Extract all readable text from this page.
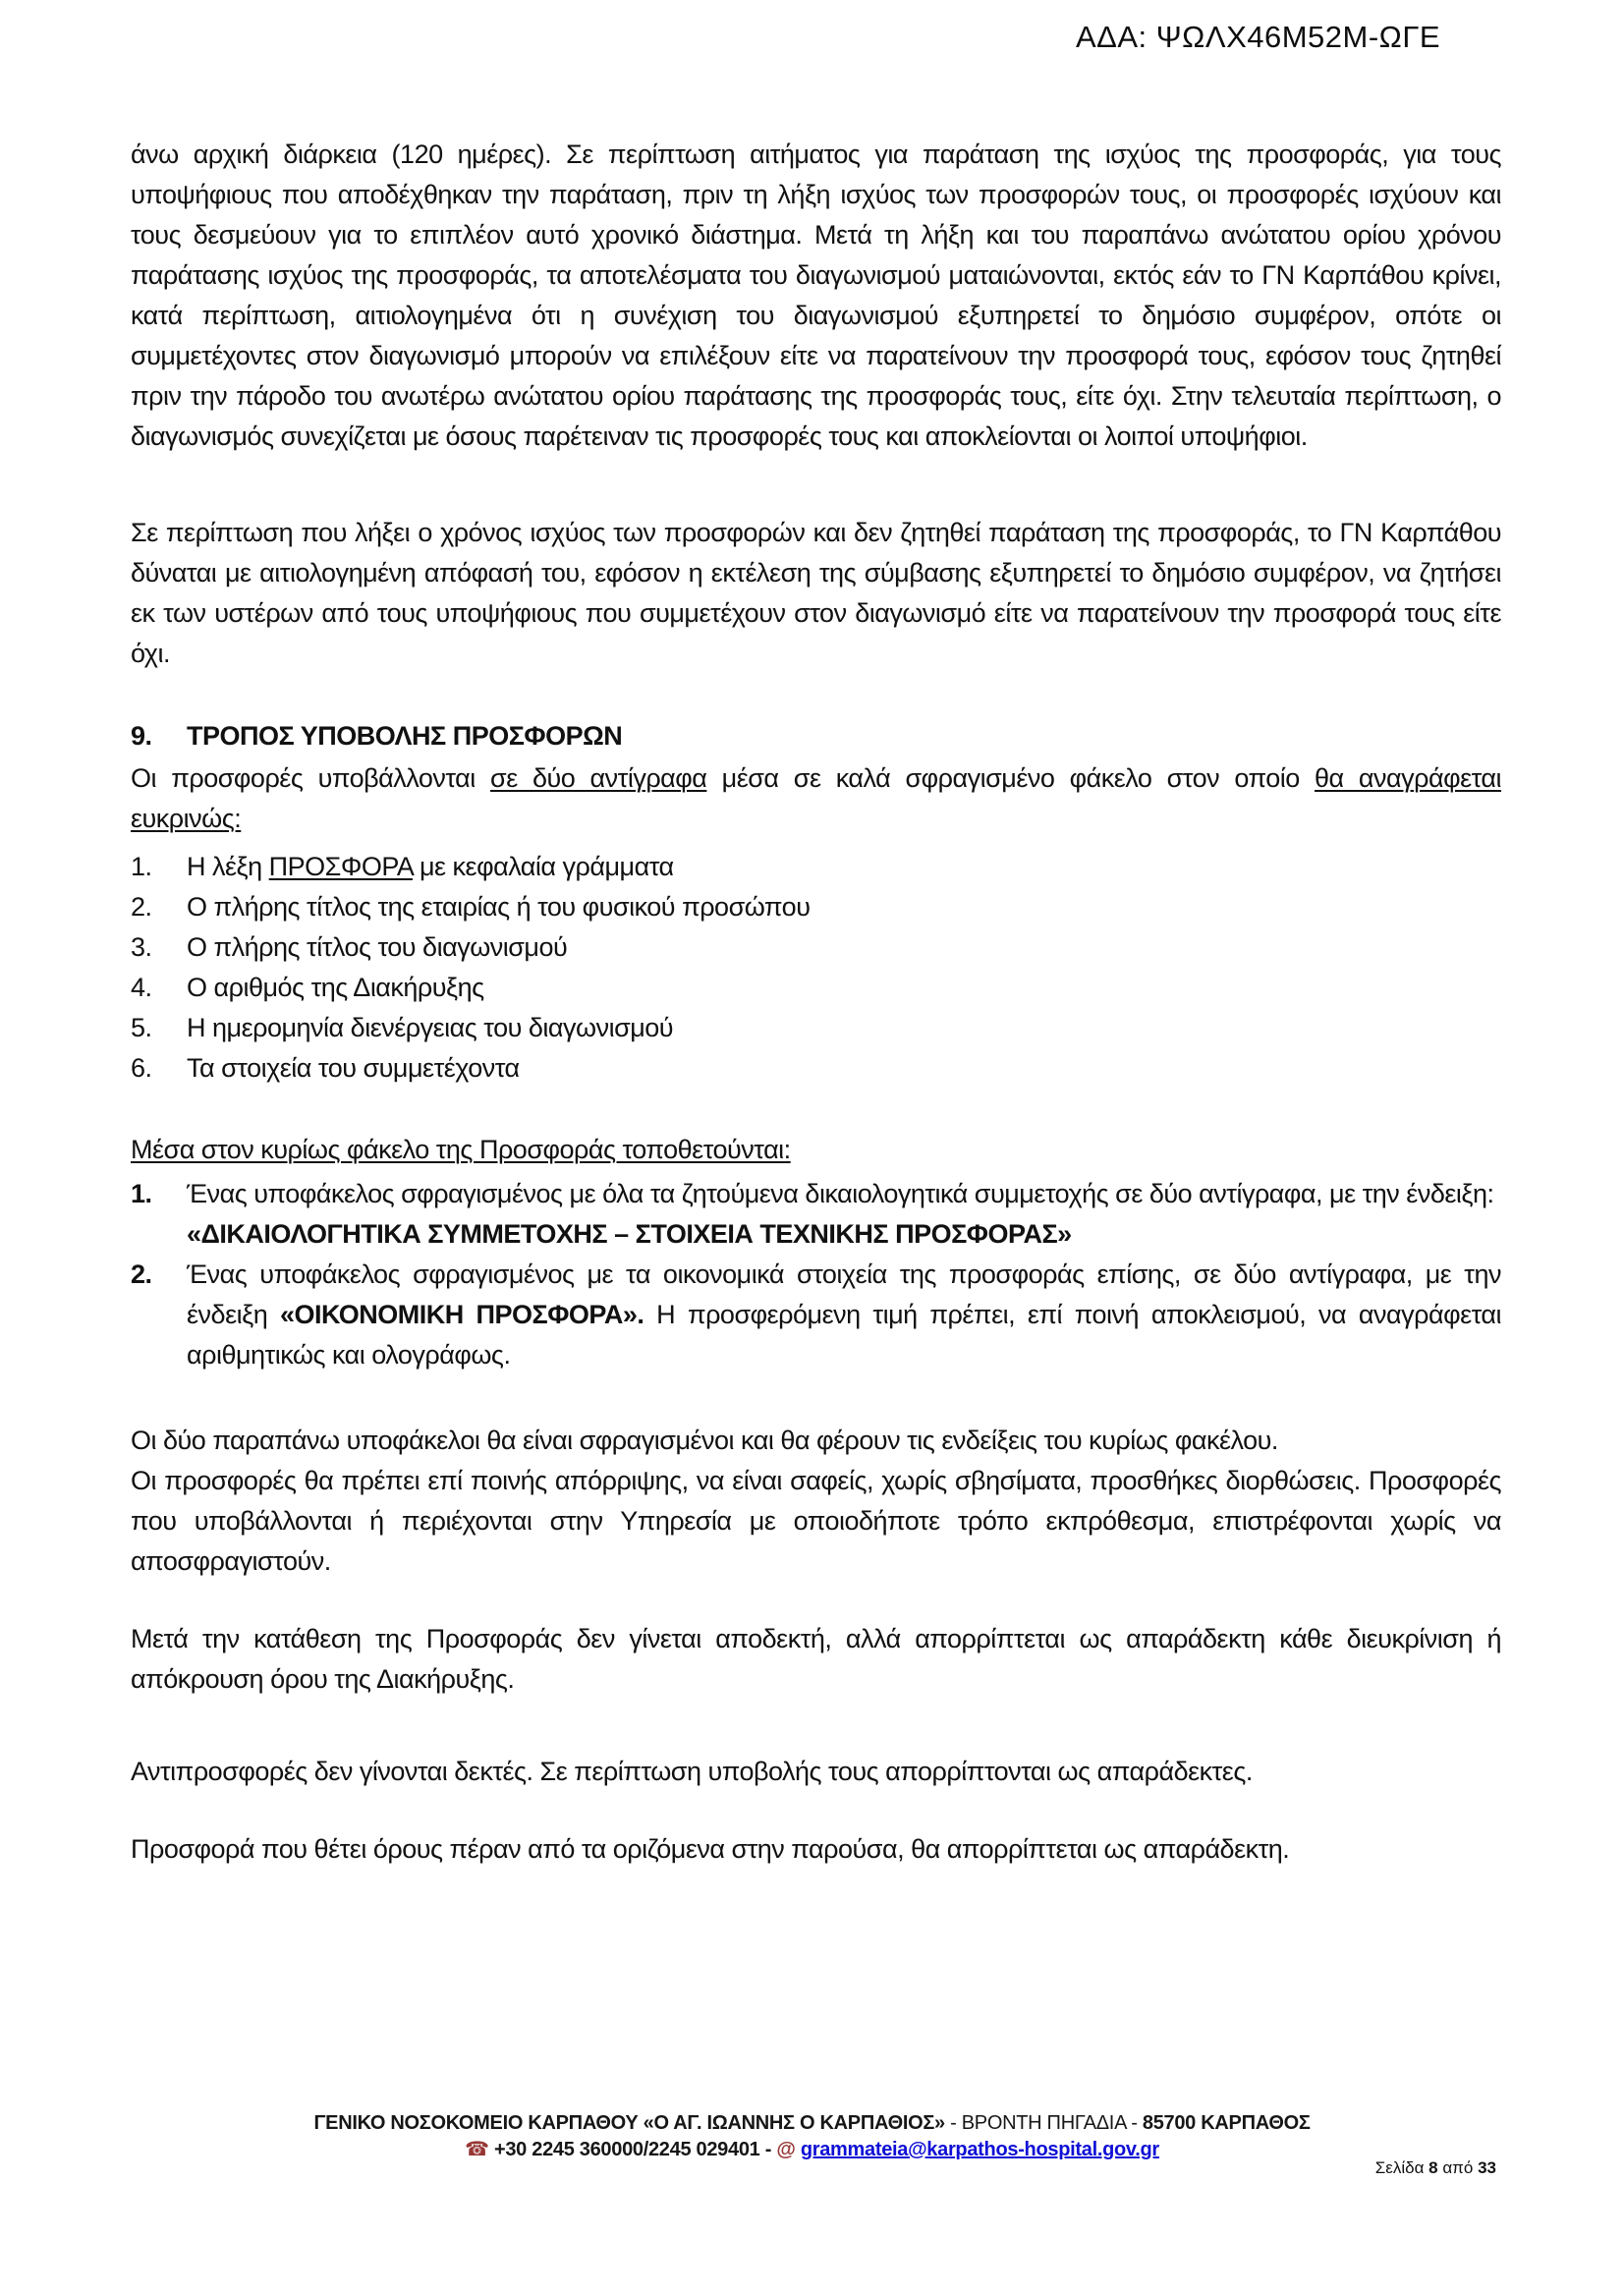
ΑΔΑ: ΨΩΛΧ46Μ52Μ-ΩΓΕ

άνω αρχική διάρκεια (120 ημέρες). Σε περίπτωση αιτήματος για παράταση της ισχύος της προσφοράς, για τους υποψήφιους που αποδέχθηκαν την παράταση, πριν τη λήξη ισχύος των προσφορών τους, οι προσφορές ισχύουν και τους δεσμεύουν για το επιπλέον αυτό χρονικό διάστημα. Μετά τη λήξη και του παραπάνω ανώτατου ορίου χρόνου παράτασης ισχύος της προσφοράς, τα αποτελέσματα του διαγωνισμού ματαιώνονται, εκτός εάν το ΓΝ Καρπάθου κρίνει, κατά περίπτωση, αιτιολογημένα ότι η συνέχιση του διαγωνισμού εξυπηρετεί το δημόσιο συμφέρον, οπότε οι συμμετέχοντες στον διαγωνισμό μπορούν να επιλέξουν είτε να παρατείνουν την προσφορά τους, εφόσον τους ζητηθεί πριν την πάροδο του ανωτέρω ανώτατου ορίου παράτασης της προσφοράς τους, είτε όχι. Στην τελευταία περίπτωση, ο διαγωνισμός συνεχίζεται με όσους παρέτειναν τις προσφορές τους και αποκλείονται οι λοιποί υποψήφιοι.

Σε περίπτωση που λήξει ο χρόνος ισχύος των προσφορών και δεν ζητηθεί παράταση της προσφοράς, το ΓΝ Καρπάθου δύναται με αιτιολογημένη απόφασή του, εφόσον η εκτέλεση της σύμβασης εξυπηρετεί το δημόσιο συμφέρον, να ζητήσει εκ των υστέρων από τους υποψήφιους που συμμετέχουν στον διαγωνισμό είτε να παρατείνουν την προσφορά τους είτε όχι.

9.	ΤΡΟΠΟΣ ΥΠΟΒΟΛΗΣ ΠΡΟΣΦΟΡΩΝ

Οι προσφορές υποβάλλονται σε δύο αντίγραφα μέσα σε καλά σφραγισμένο φάκελο στον οποίο θα αναγράφεται ευκρινώς:

1.	Η λέξη ΠΡΟΣΦΟΡΑ με κεφαλαία γράμματα
2.	Ο πλήρης τίτλος της εταιρίας ή του φυσικού προσώπου
3.	Ο πλήρης τίτλος του διαγωνισμού
4.	Ο αριθμός της Διακήρυξης
5.	Η ημερομηνία διενέργειας του διαγωνισμού
6.	Τα στοιχεία του συμμετέχοντα

Μέσα στον κυρίως φάκελο της Προσφοράς τοποθετούνται:

1.	Ένας υποφάκελος σφραγισμένος με όλα τα ζητούμενα δικαιολογητικά συμμετοχής σε δύο αντίγραφα, με την ένδειξη:
«ΔΙΚΑΙΟΛΟΓΗΤΙΚΑ ΣΥΜΜΕΤΟΧΗΣ – ΣΤΟΙΧΕΙΑ ΤΕΧΝΙΚΗΣ ΠΡΟΣΦΟΡΑΣ»
2.	Ένας υποφάκελος σφραγισμένος με τα οικονομικά στοιχεία της προσφοράς επίσης, σε δύο αντίγραφα, με την ένδειξη «ΟΙΚΟΝΟΜΙΚΗ ΠΡΟΣΦΟΡΑ». Η προσφερόμενη τιμή πρέπει, επί ποινή αποκλεισμού, να αναγράφεται αριθμητικώς και ολογράφως.

Οι δύο παραπάνω υποφάκελοι θα είναι σφραγισμένοι και θα φέρουν τις ενδείξεις του κυρίως φακέλου.

Οι προσφορές θα πρέπει επί ποινής απόρριψης, να είναι σαφείς, χωρίς σβησίματα, προσθήκες διορθώσεις. Προσφορές που υποβάλλονται ή περιέχονται στην Υπηρεσία με οποιοδήποτε τρόπο εκπρόθεσμα, επιστρέφονται χωρίς να αποσφραγιστούν.

Μετά την κατάθεση της Προσφοράς δεν γίνεται αποδεκτή, αλλά απορρίπτεται ως απαράδεκτη κάθε διευκρίνιση ή απόκρουση όρου της Διακήρυξης.

Αντιπροσφορές δεν γίνονται δεκτές. Σε περίπτωση υποβολής τους απορρίπτονται ως απαράδεκτες.

Προσφορά που θέτει όρους πέραν από τα οριζόμενα στην παρούσα, θα απορρίπτεται ως απαράδεκτη.

ΓΕΝΙΚΟ ΝΟΣΟΚΟΜΕΙΟ ΚΑΡΠΑΘΟΥ «Ο ΑΓ. ΙΩΑΝΝΗΣ Ο ΚΑΡΠΑΘΙΟΣ» - ΒΡΟΝΤΗ ΠΗΓΑΔΙΑ - 85700 ΚΑΡΠΑΘΟΣ
☎ +30 2245 360000/2245 029401 - @ grammateia@karpathos-hospital.gov.gr
Σελίδα 8 από 33
